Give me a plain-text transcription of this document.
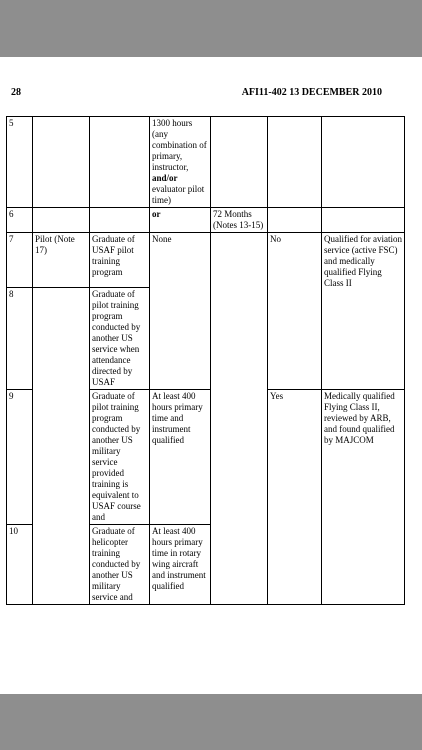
28	AFI11-402 13 DECEMBER 2010
5			1300 hours (any combination of primary, instructor, and/or evaluator pilot time)			
6			or	72 Months (Notes 13-15)		
7	Pilot (Note 17)	Graduate of USAF pilot training program	None		No	Qualified for aviation service (active FSC) and medically qualified Flying Class II
8		Graduate of pilot training program conducted by another US service when attendance directed by USAF				
9		Graduate of pilot training program conducted by another US military service provided training is equivalent to USAF course and	At least 400 hours primary time and instrument qualified		Yes	Medically qualified Flying Class II, reviewed by ARB, and found qualified by MAJCOM
10		Graduate of helicopter training conducted by another US military service and	At least 400 hours primary time in rotary wing aircraft and instrument qualified			
